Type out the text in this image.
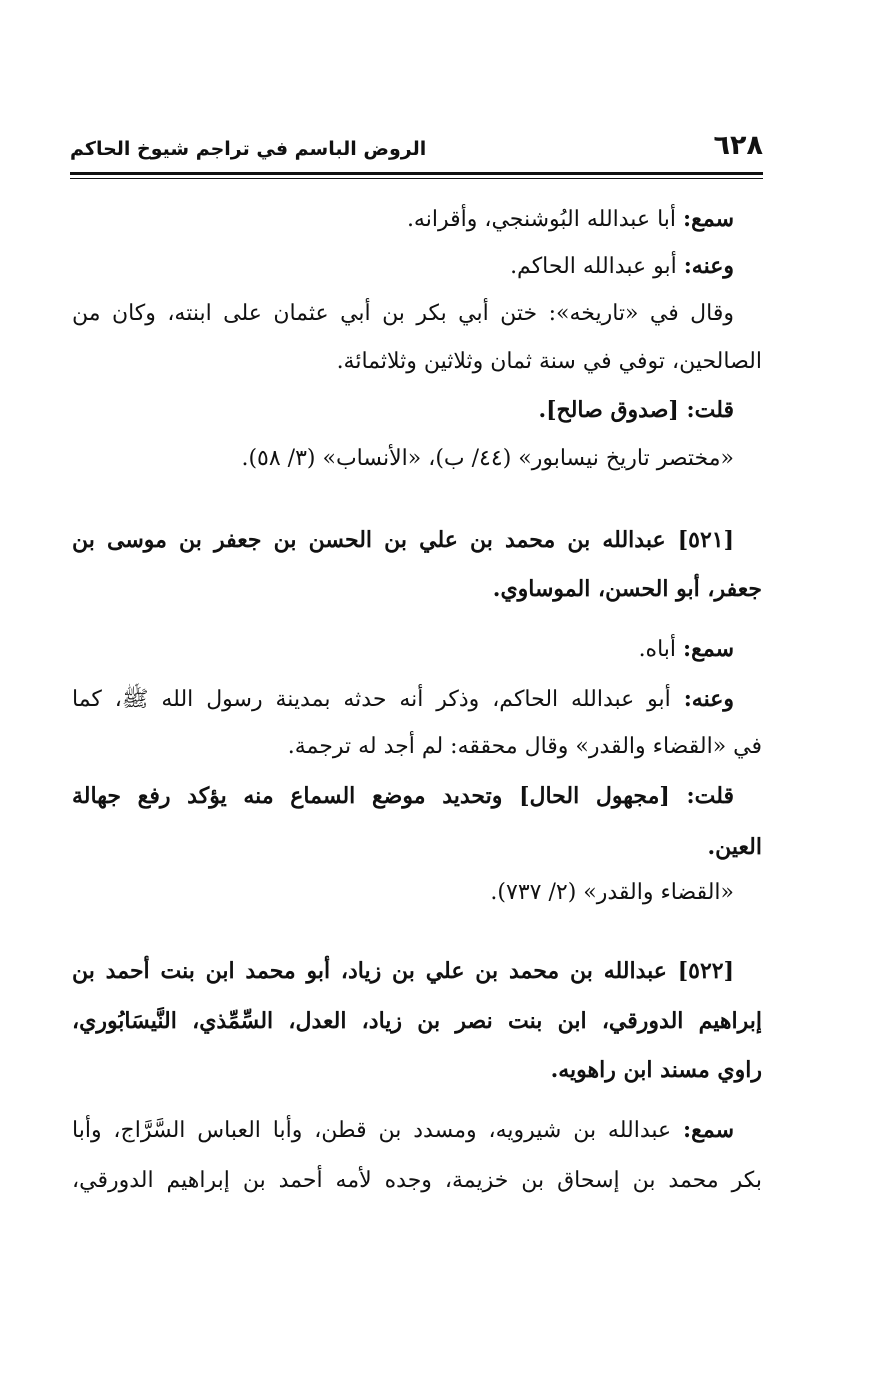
٦٢٨
الروض الباسم في تراجم شيوخ الحاكم
سمع: أبا عبدالله البُوشنجي، وأقرانه.
وعنه: أبو عبدالله الحاكم.
وقال في «تاريخه»: ختن أبي بكر بن أبي عثمان على ابنته، وكان من
الصالحين، توفي في سنة ثمان وثلاثين وثلاثمائة.
قلت: [صدوق صالح].
«مختصر تاريخ نيسابور» (٤٤/ ب)، «الأنساب» (٣/ ٥٨).
[٥٢١] عبدالله بن محمد بن علي بن الحسن بن جعفر بن موسى بن
جعفر، أبو الحسن، الموساوي.
سمع: أباه.
وعنه: أبو عبدالله الحاكم، وذكر أنه حدثه بمدينة رسول الله ﷺ، كما
في «القضاء والقدر» وقال محققه: لم أجد له ترجمة.
قلت: [مجهول الحال] وتحديد موضع السماع منه يؤكد رفع جهالة
العين.
«القضاء والقدر» (٢/ ٧٣٧).
[٥٢٢] عبدالله بن محمد بن علي بن زياد، أبو محمد ابن بنت أحمد بن
إبراهيم الدورقي، ابن بنت نصر بن زياد، العدل، السِّمِّذي، النَّيسَابُوري،
راوي مسند ابن راهويه.
سمع: عبدالله بن شيرويه، ومسدد بن قطن، وأبا العباس السَّرَّاج، وأبا
بكر محمد بن إسحاق بن خزيمة، وجده لأمه أحمد بن إبراهيم الدورقي،
